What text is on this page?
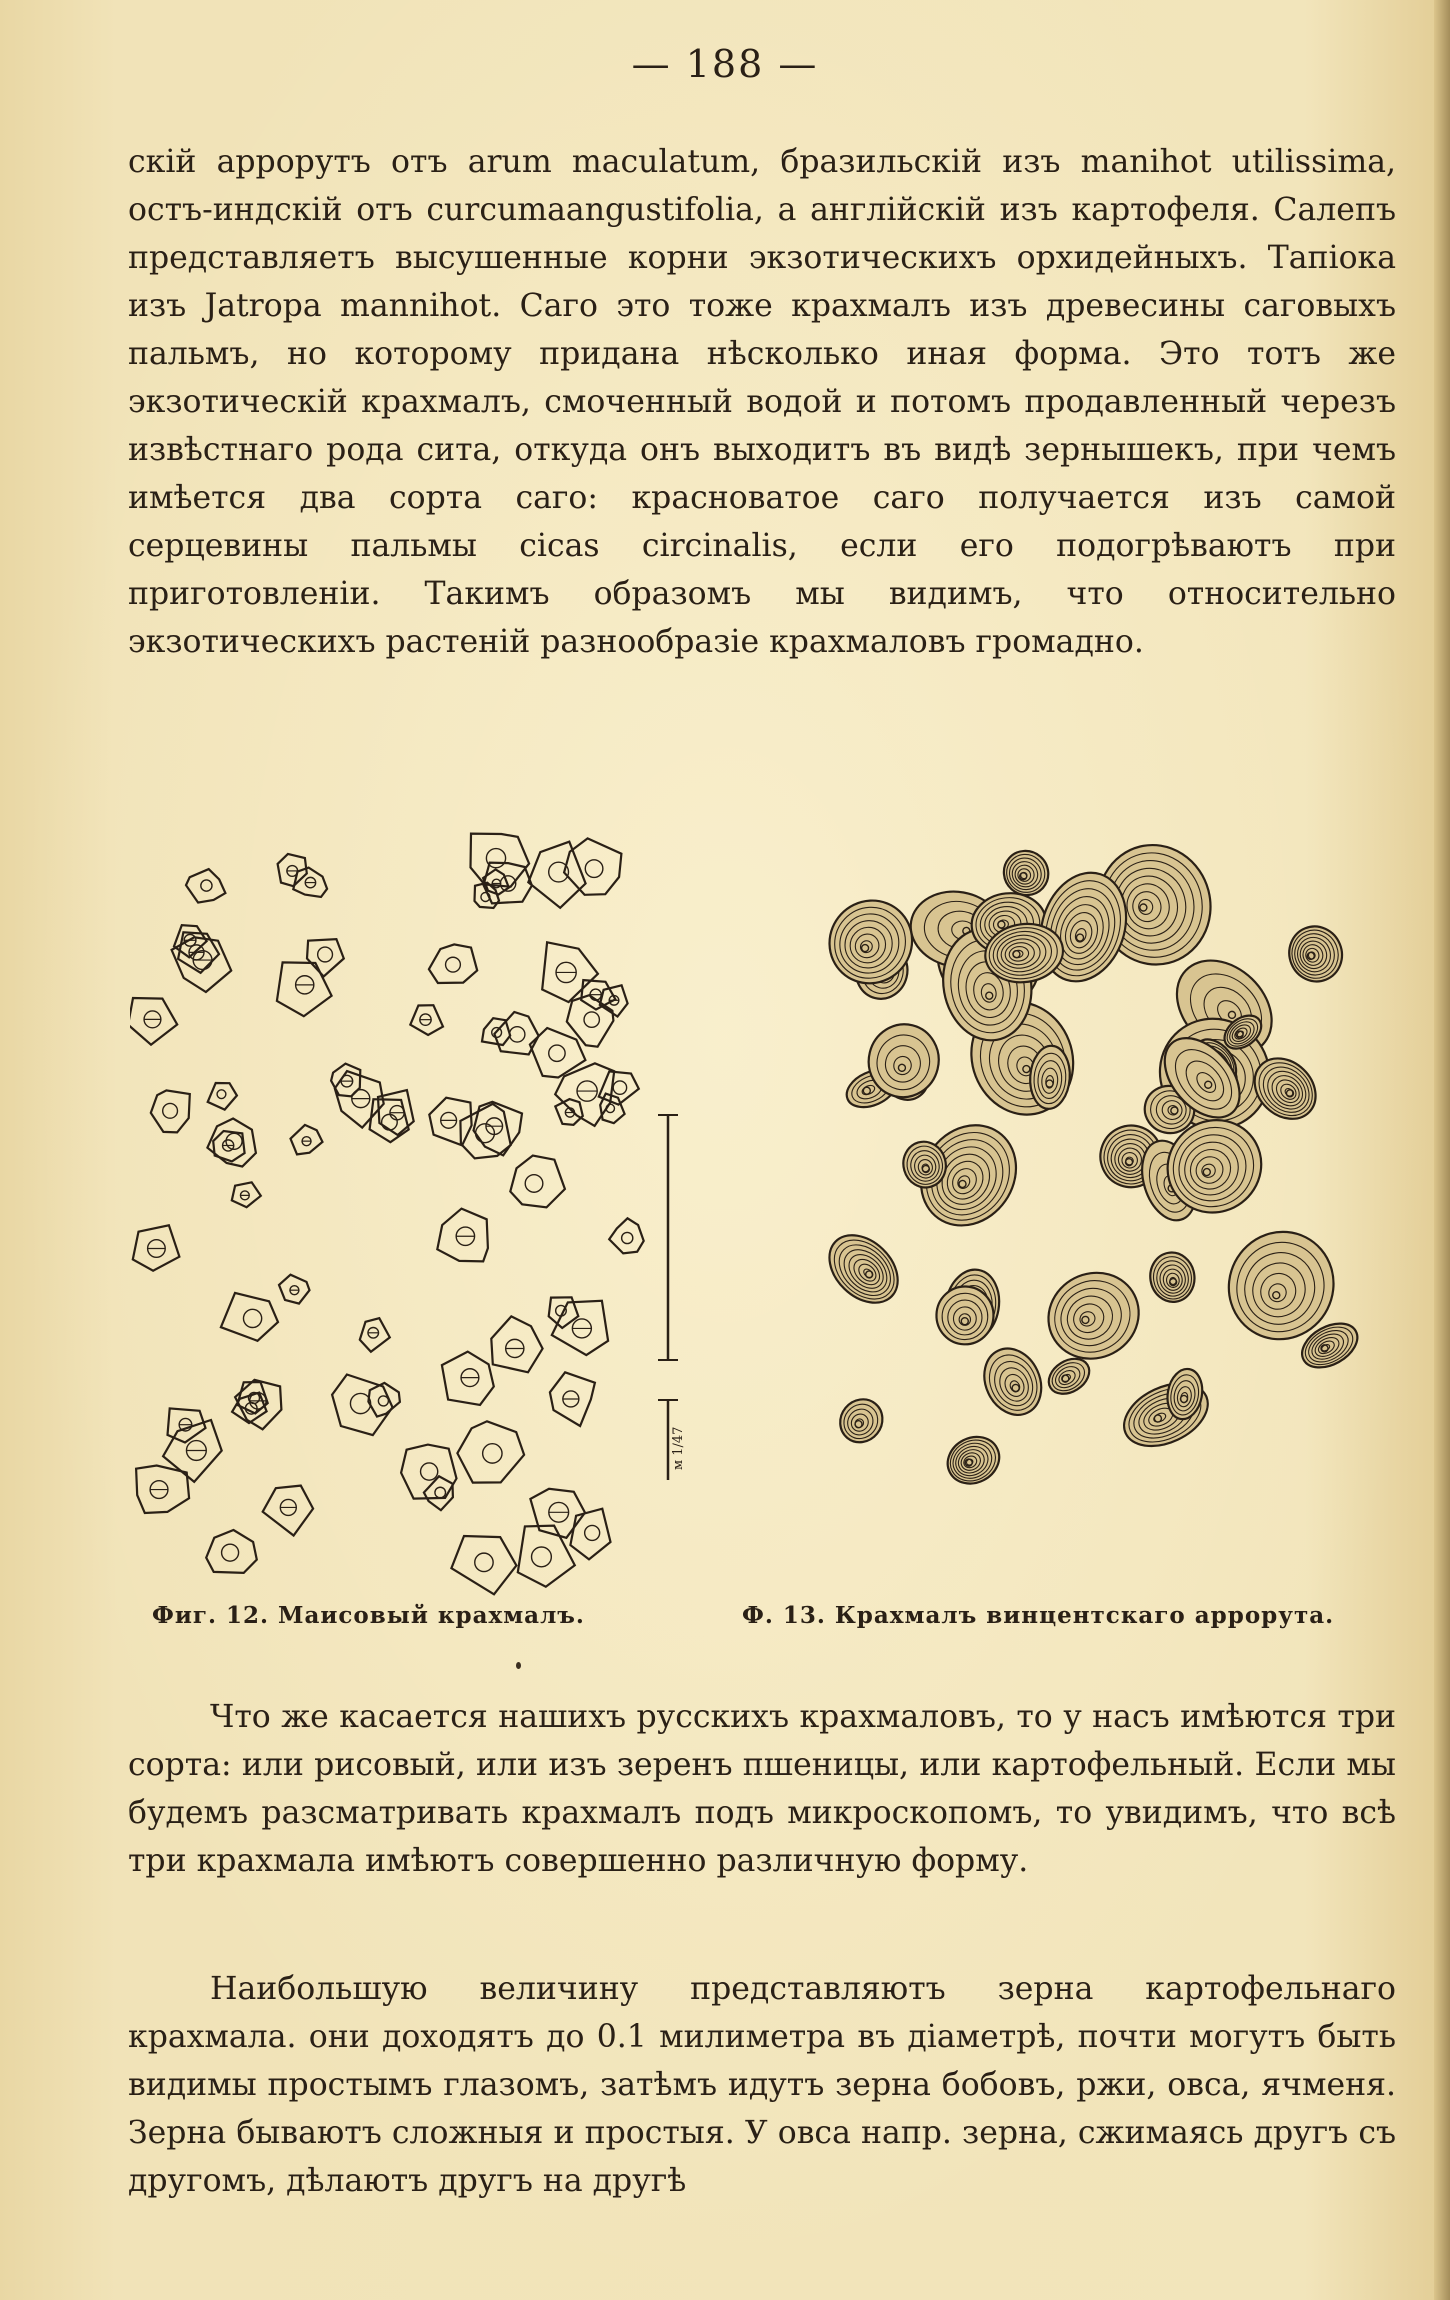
— 188 —

скій аррорутъ отъ arum maculatum, бразильскій изъ manihot utilissima, остъ-индскій отъ curcumaangustifolia, а англійскій изъ картофеля. Салепъ представляетъ высушенные корни экзотическихъ орхидейныхъ. Тапіока изъ Jatropa mannihot. Саго это тоже крахмалъ изъ древесины саговыхъ пальмъ, но которому придана нѣсколько иная форма. Это тотъ же экзотическій крахмалъ, смоченный водой и потомъ продавленный черезъ извѣстнаго рода сита, откуда онъ выходитъ въ видѣ зернышекъ, при чемъ имѣется два сорта саго: красноватое саго получается изъ самой серцевины пальмы cicas circinalis, если его подогрѣваютъ при приготовленіи. Такимъ образомъ мы видимъ, что относительно экзотическихъ растеній разнообразіе крахмаловъ громадно.

м 1/47
Фиг. 12. Маисовый крахмалъ.	Ф. 13. Крахмалъ винцентскаго аррорута.

Что же касается нашихъ русскихъ крахмаловъ, то у насъ имѣются три сорта: или рисовый, или изъ зеренъ пшеницы, или картофельный. Если мы будемъ разсматривать крахмалъ подъ микроскопомъ, то увидимъ, что всѣ три крахмала имѣютъ совершенно различную форму.

Наибольшую величину представляютъ зерна картофельнаго крахмала. они доходятъ до 0.1 милиметра въ діаметрѣ, почти могутъ быть видимы простымъ глазомъ, затѣмъ идутъ зерна бобовъ, ржи, овса, ячменя. Зерна бываютъ сложныя и простыя. У овса напр. зерна, сжимаясь другъ съ другомъ, дѣлаютъ другъ на другѣ
